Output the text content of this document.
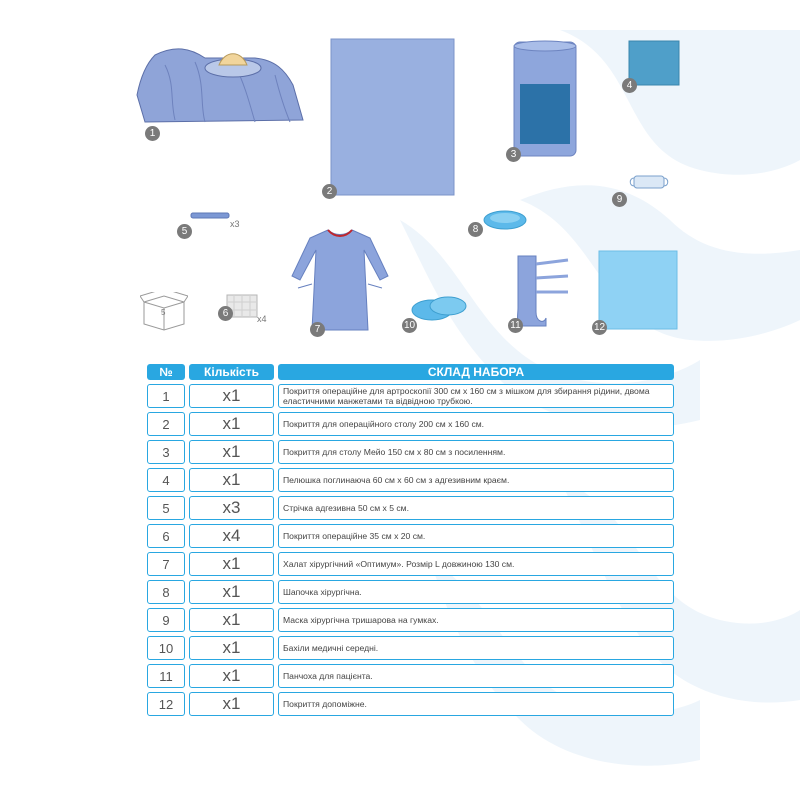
1
2
3
4
9
5
x3	8
7
5	6	x4
10	11	12
№	Кількість	СКЛАД НАБОРА
1	x1	Покриття операційне для артроскопії 300 см х 160 см з мішком для збирання рідини, двома еластичними манжетами та відвідною трубкою.
2	x1	Покриття для операційного столу 200 см х 160 см.
3	x1	Покриття для столу Мейо 150 см х 80 см з посиленням.
4	x1	Пелюшка поглинаюча 60 см х 60 см з адгезивним краєм.
5	x3	Стрічка адгезивна 50 см х 5 см.
6	x4	Покриття операційне 35 см х 20 см.
7	x1	Халат хірургічний «Оптимум». Розмір L довжиною 130 см.
8	x1	Шапочка хірургічна.
9	x1	Маска хірургічна тришарова на гумках.
10	x1	Бахіли медичні середні.
11	x1	Панчоха для пацієнта.
12	x1	Покриття допоміжне.
